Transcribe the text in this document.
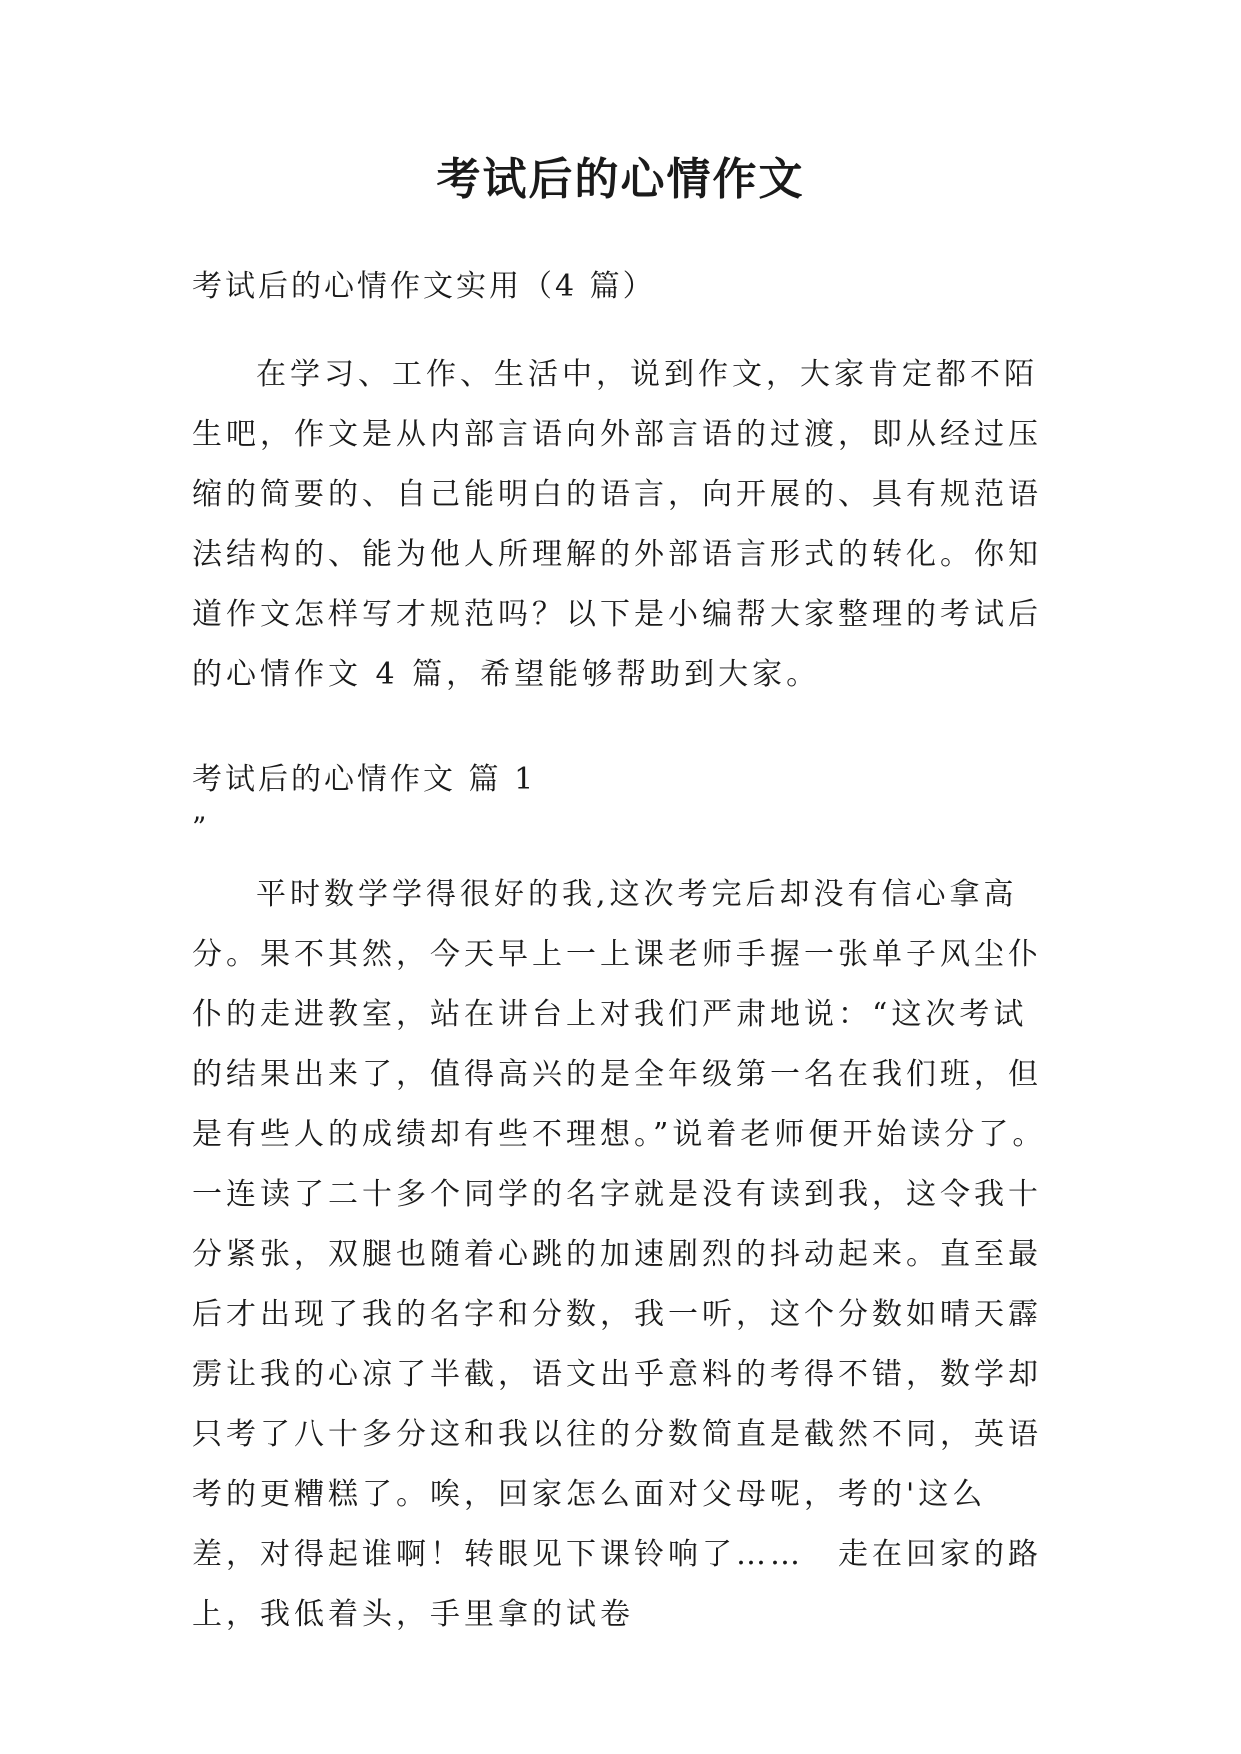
考试后的心情作文

考试后的心情作文实用（4 篇）

在学习、工作、生活中，说到作文，大家肯定都不陌生吧，作文是从内部言语向外部言语的过渡，即从经过压缩的简要的、自己能明白的语言，向开展的、具有规范语法结构的、能为他人所理解的外部语言形式的转化。你知道作文怎样写才规范吗？以下是小编帮大家整理的考试后的心情作文 4 篇，希望能够帮助到大家。

考试后的心情作文 篇 1

”

平时数学学得很好的我,这次考完后却没有信心拿高分。果不其然，今天早上一上课老师手握一张单子风尘仆仆的走进教室，站在讲台上对我们严肃地说：“这次考试的结果出来了，值得高兴的是全年级第一名在我们班，但是有些人的成绩却有些不理想。”说着老师便开始读分了。一连读了二十多个同学的名字就是没有读到我，这令我十分紧张，双腿也随着心跳的加速剧烈的抖动起来。直至最后才出现了我的名字和分数，我一听，这个分数如晴天霹雳让我的心凉了半截，语文出乎意料的考得不错，数学却只考了八十多分这和我以往的分数简直是截然不同，英语考的更糟糕了。唉，回家怎么面对父母呢，考的'这么差，对得起谁啊！转眼见下课铃响了……　走在回家的路上，我低着头，手里拿的试卷
